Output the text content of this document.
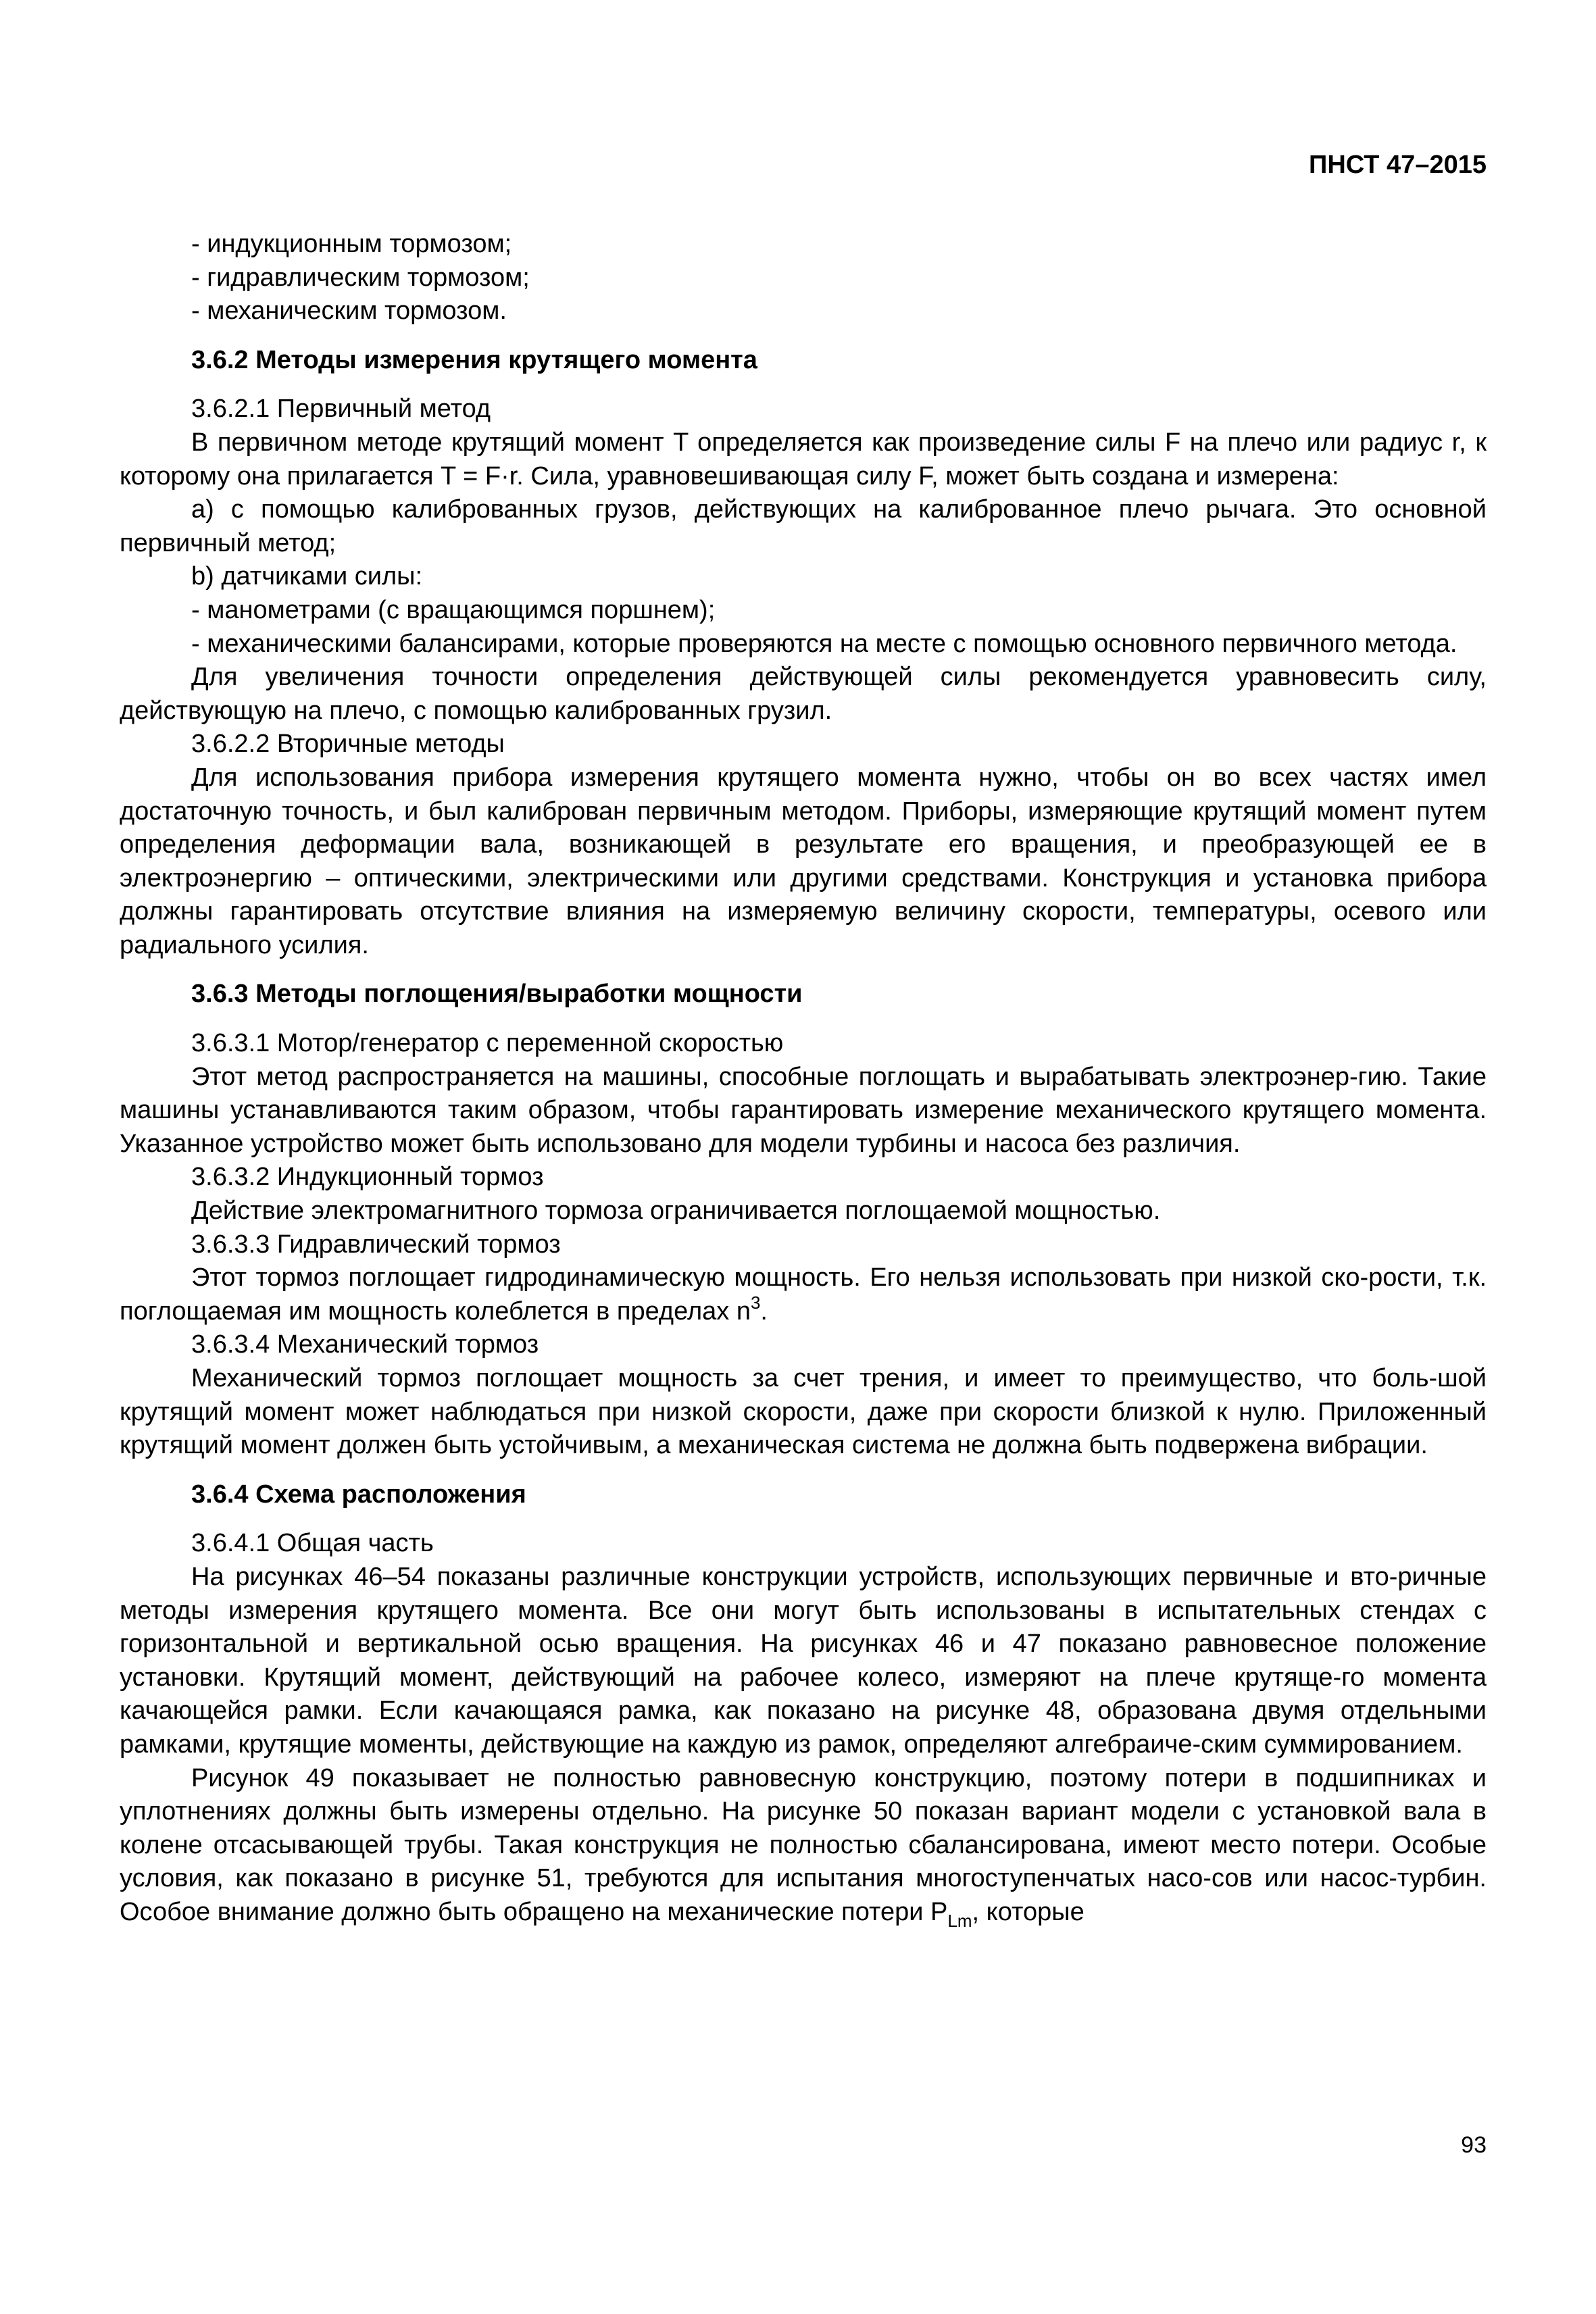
ПНСТ 47–2015

- индукционным тормозом;

- гидравлическим тормозом;

- механическим тормозом.

3.6.2 Методы измерения крутящего момента

3.6.2.1 Первичный метод

В первичном методе крутящий момент T определяется как произведение силы F на плечо или радиус r, к которому она прилагается T = F·r. Сила, уравновешивающая силу F, может быть создана и измерена:

a) с помощью калиброванных грузов, действующих на калиброванное плечо рычага. Это основной первичный метод;

b) датчиками силы:

- манометрами (с вращающимся поршнем);

- механическими балансирами, которые проверяются на месте с помощью основного первичного метода.

Для увеличения точности определения действующей силы рекомендуется уравновесить силу, действующую на плечо, с помощью калиброванных грузил.

3.6.2.2 Вторичные методы

Для использования прибора измерения крутящего момента нужно, чтобы он во всех частях имел достаточную точность, и был калиброван первичным методом. Приборы, измеряющие крутящий момент путем определения деформации вала, возникающей в результате его вращения, и преобразующей ее в электроэнергию – оптическими, электрическими или другими средствами. Конструкция и установка прибора должны гарантировать отсутствие влияния на измеряемую величину скорости, температуры, осевого или радиального усилия.

3.6.3 Методы поглощения/выработки мощности

3.6.3.1 Мотор/генератор с переменной скоростью

Этот метод распространяется на машины, способные поглощать и вырабатывать электроэнер-гию. Такие машины устанавливаются таким образом, чтобы гарантировать измерение механического крутящего момента. Указанное устройство может быть использовано для модели турбины и насоса без различия.

3.6.3.2 Индукционный тормоз

Действие электромагнитного тормоза ограничивается поглощаемой мощностью.

3.6.3.3 Гидравлический тормоз

Этот тормоз поглощает гидродинамическую мощность. Его нельзя использовать при низкой ско-рости, т.к. поглощаемая им мощность колеблется в пределах $n^3$.

3.6.3.4 Механический тормоз

Механический тормоз поглощает мощность за счет трения, и имеет то преимущество, что боль-шой крутящий момент может наблюдаться при низкой скорости, даже при скорости близкой к нулю. Приложенный крутящий момент должен быть устойчивым, а механическая система не должна быть подвержена вибрации.

3.6.4 Схема расположения

3.6.4.1 Общая часть

На рисунках 46–54 показаны различные конструкции устройств, использующих первичные и вто-ричные методы измерения крутящего момента. Все они могут быть использованы в испытательных стендах с горизонтальной и вертикальной осью вращения. На рисунках 46 и 47 показано равновесное положение установки. Крутящий момент, действующий на рабочее колесо, измеряют на плече крутяще-го момента качающейся рамки. Если качающаяся рамка, как показано на рисунке 48, образована двумя отдельными рамками, крутящие моменты, действующие на каждую из рамок, определяют алгебраиче-ским суммированием.

Рисунок 49 показывает не полностью равновесную конструкцию, поэтому потери в подшипниках и уплотнениях должны быть измерены отдельно. На рисунке 50 показан вариант модели с установкой вала в колене отсасывающей трубы. Такая конструкция не полностью сбалансирована, имеют место потери. Особые условия, как показано в рисунке 51, требуются для испытания многоступенчатых насо-сов или насос-турбин. Особое внимание должно быть обращено на механические потери $P_{Lm}$, которые

93
